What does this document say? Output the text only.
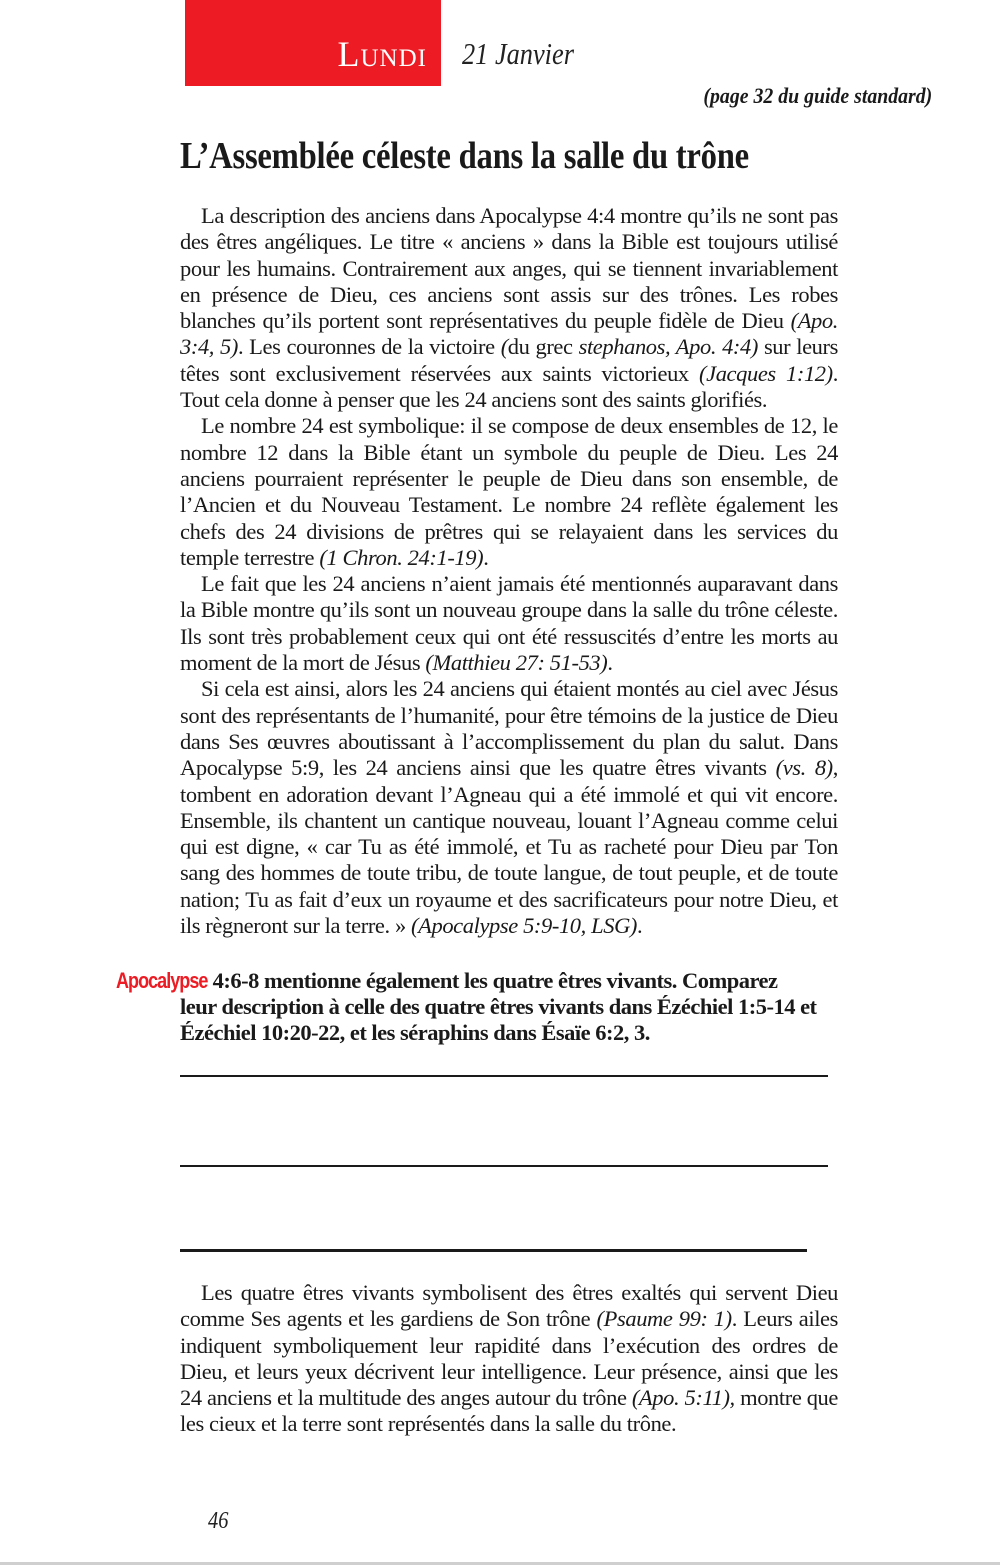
Lundi 21 Janvier
(page 32 du guide standard)
L’Assemblée céleste dans la salle du trône

La description des anciens dans Apocalypse 4:4 montre qu’ils ne sont pas des êtres angéliques. Le titre « anciens » dans la Bible est toujours utilisé pour les humains. Contrairement aux anges, qui se tiennent invariablement en présence de Dieu, ces anciens sont assis sur des trônes. Les robes blanches qu’ils portent sont représentatives du peuple fidèle de Dieu (Apo. 3:4, 5). Les couronnes de la victoire (du grec stephanos, Apo. 4:4) sur leurs têtes sont exclusivement réservées aux saints victorieux (Jacques 1:12). Tout cela donne à penser que les 24 anciens sont des saints glorifiés.

Le nombre 24 est symbolique: il se compose de deux ensembles de 12, le nombre 12 dans la Bible étant un symbole du peuple de Dieu. Les 24 anciens pourraient représenter le peuple de Dieu dans son ensemble, de l’Ancien et du Nouveau Testament. Le nombre 24 reflète également les chefs des 24 divisions de prêtres qui se relayaient dans les services du temple terrestre (1 Chron. 24:1-19).

Le fait que les 24 anciens n’aient jamais été mentionnés auparavant dans la Bible montre qu’ils sont un nouveau groupe dans la salle du trône céleste. Ils sont très probablement ceux qui ont été ressuscités d’entre les morts au moment de la mort de Jésus (Matthieu 27: 51-53).

Si cela est ainsi, alors les 24 anciens qui étaient montés au ciel avec Jésus sont des représentants de l’humanité, pour être témoins de la justice de Dieu dans Ses œuvres aboutissant à l’accomplissement du plan du salut. Dans Apocalypse 5:9, les 24 anciens ainsi que les quatre êtres vivants (vs. 8), tombent en adoration devant l’Agneau qui a été immolé et qui vit encore. Ensemble, ils chantent un cantique nouveau, louant l’Agneau comme celui qui est digne, « car Tu as été immolé, et Tu as racheté pour Dieu par Ton sang des hommes de toute tribu, de toute langue, de tout peuple, et de toute nation; Tu as fait d’eux un royaume et des sacrificateurs pour notre Dieu, et ils règneront sur la terre. » (Apocalypse 5:9-10, LSG).

Apocalypse 4:6-8 mentionne également les quatre êtres vivants. Comparez
leur description à celle des quatre êtres vivants dans Ézéchiel 1:5-14 et Ézéchiel 10:20-22, et les séraphins dans Ésaïe 6:2, 3.

Les quatre êtres vivants symbolisent des êtres exaltés qui servent Dieu comme Ses agents et les gardiens de Son trône (Psaume 99: 1). Leurs ailes indiquent symboliquement leur rapidité dans l’exécution des ordres de Dieu, et leurs yeux décrivent leur intelligence. Leur présence, ainsi que les 24 anciens et la multitude des anges autour du trône (Apo. 5:11), montre que les cieux et la terre sont représentés dans la salle du trône.

46
